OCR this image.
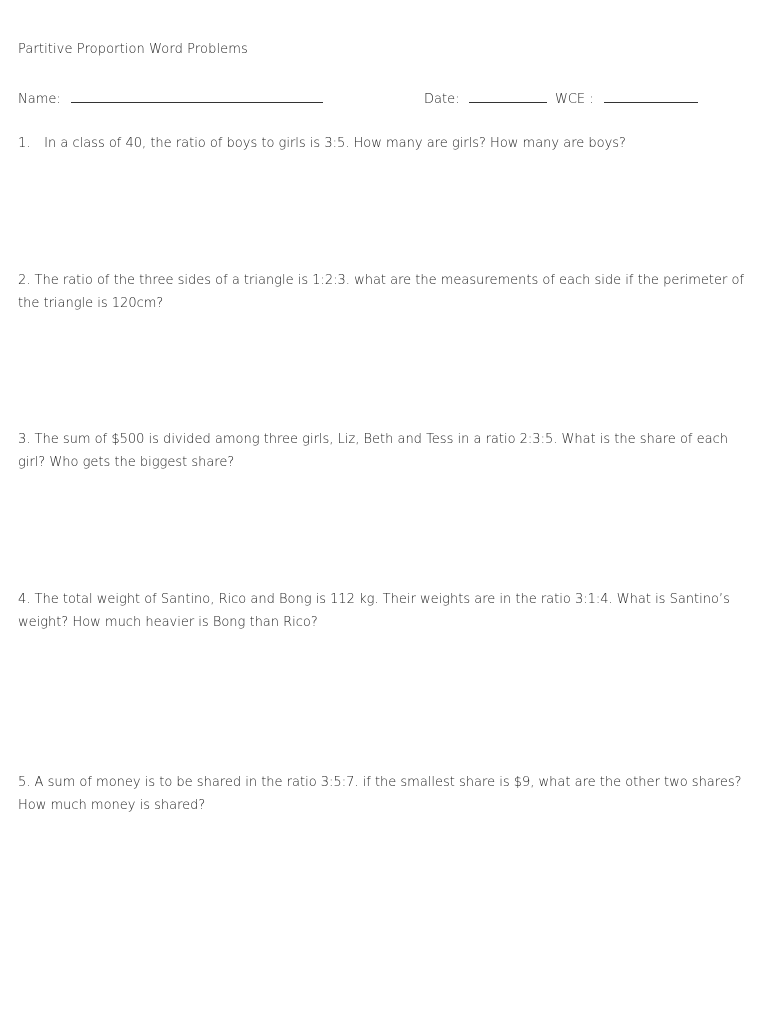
Partitive Proportion Word Problems
Name:	Date:	WCE :
1. In a class of 40, the ratio of boys to girls is 3:5. How many are girls? How many are boys?
2. The ratio of the three sides of a triangle is 1:2:3. what are the measurements of each side if the perimeter of the triangle is 120cm?
3. The sum of $500 is divided among three girls, Liz, Beth and Tess in a ratio 2:3:5. What is the share of each girl? Who gets the biggest share?
4. The total weight of Santino, Rico and Bong is 112 kg. Their weights are in the ratio 3:1:4. What is Santino’s weight? How much heavier is Bong than Rico?
5. A sum of money is to be shared in the ratio 3:5:7. if the smallest share is $9, what are the other two shares? How much money is shared?
